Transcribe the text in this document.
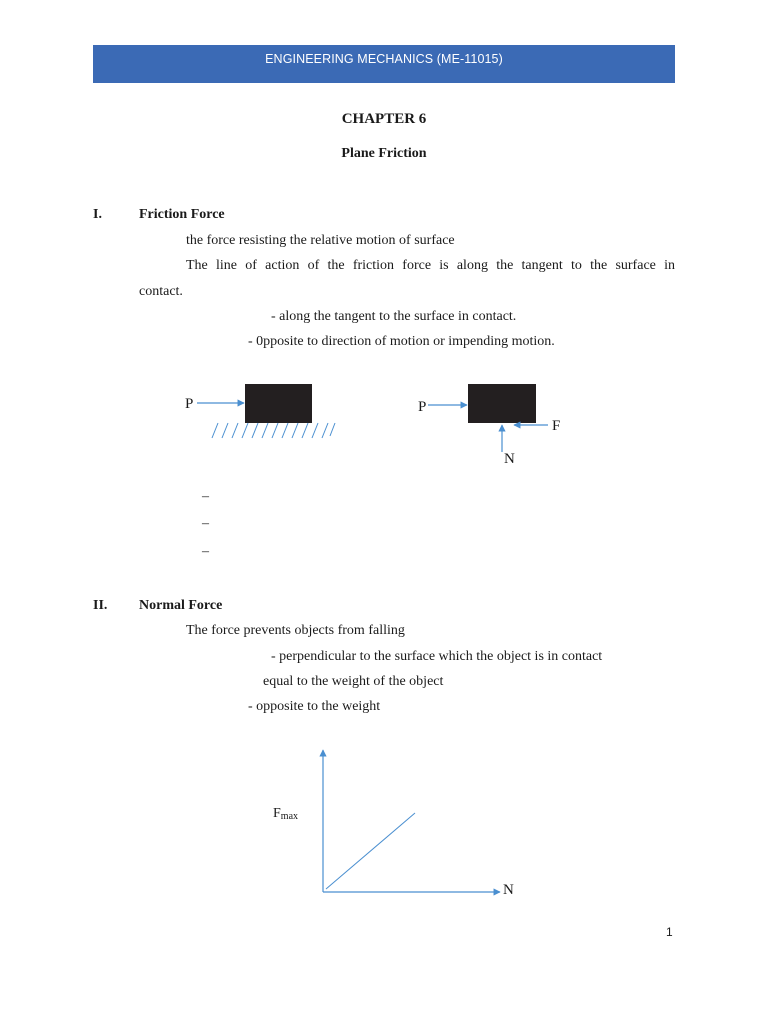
ENGINEERING MECHANICS (ME-11015)
CHAPTER 6
Plane Friction
I.	Friction Force
the force resisting the relative motion of surface
The line of action of the friction force is along the tangent to the surface in
contact.
- along the tangent to the surface in contact.
- 0pposite to direction of motion or impending motion.
P	P
F
N
–
–
–
II. Normal Force
The force prevents objects from falling
- perpendicular to the surface which the object is in contact
equal to the weight of the object
- opposite to the weight
Fmax
N
1
